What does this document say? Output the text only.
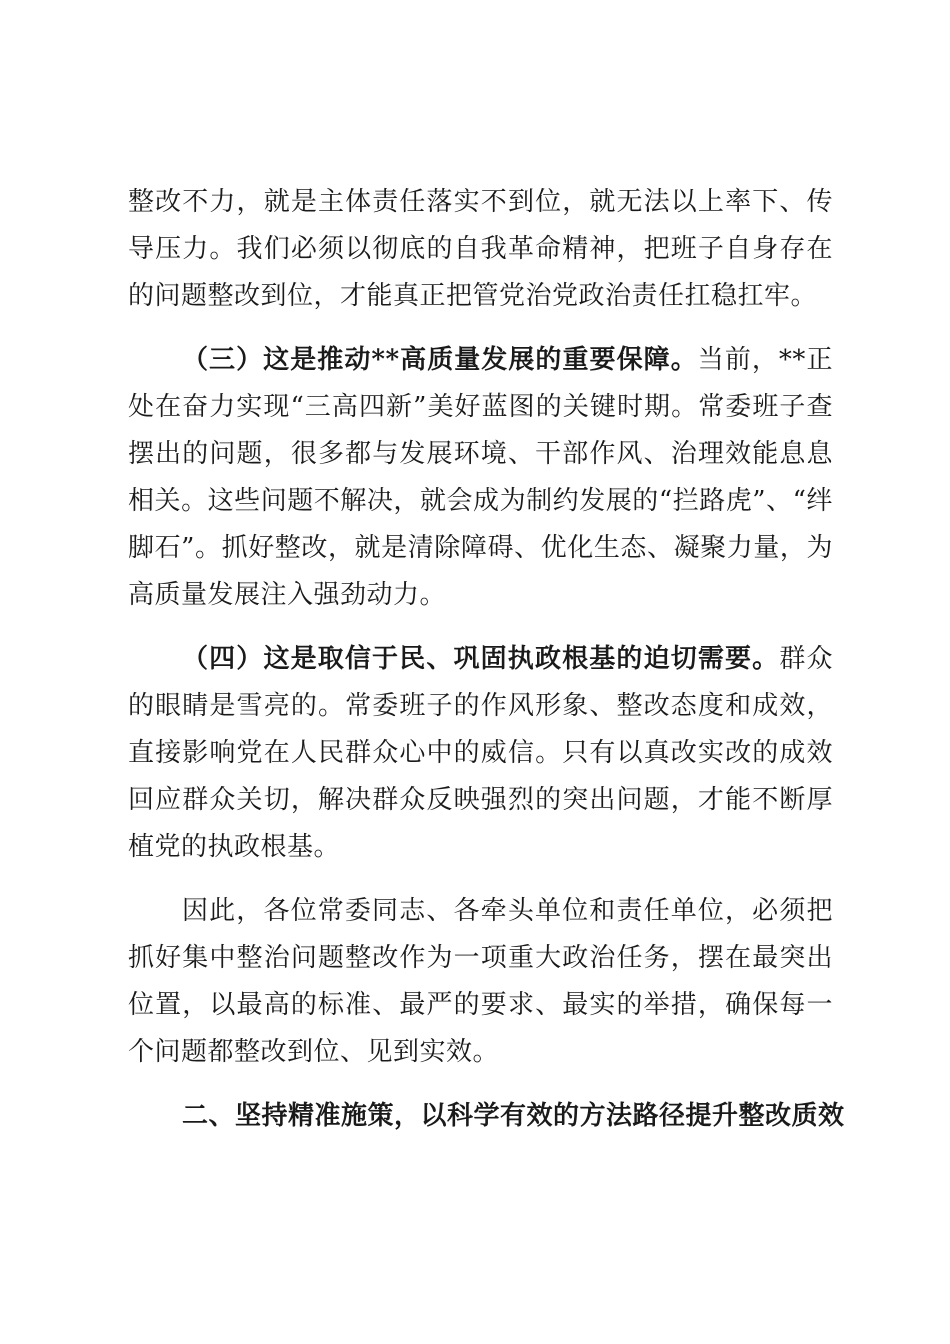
整改不力，就是主体责任落实不到位，就无法以上率下、传导压力。我们必须以彻底的自我革命精神，把班子自身存在的问题整改到位，才能真正把管党治党政治责任扛稳扛牢。

（三）这是推动**高质量发展的重要保障。当前，**正处在奋力实现“三高四新”美好蓝图的关键时期。常委班子查摆出的问题，很多都与发展环境、干部作风、治理效能息息相关。这些问题不解决，就会成为制约发展的“拦路虎”、“绊脚石”。抓好整改，就是清除障碍、优化生态、凝聚力量，为高质量发展注入强劲动力。

（四）这是取信于民、巩固执政根基的迫切需要。群众的眼睛是雪亮的。常委班子的作风形象、整改态度和成效，直接影响党在人民群众心中的威信。只有以真改实改的成效回应群众关切，解决群众反映强烈的突出问题，才能不断厚植党的执政根基。

因此，各位常委同志、各牵头单位和责任单位，必须把抓好集中整治问题整改作为一项重大政治任务，摆在最突出位置，以最高的标准、最严的要求、最实的举措，确保每一个问题都整改到位、见到实效。

二、坚持精准施策，以科学有效的方法路径提升整改质效
